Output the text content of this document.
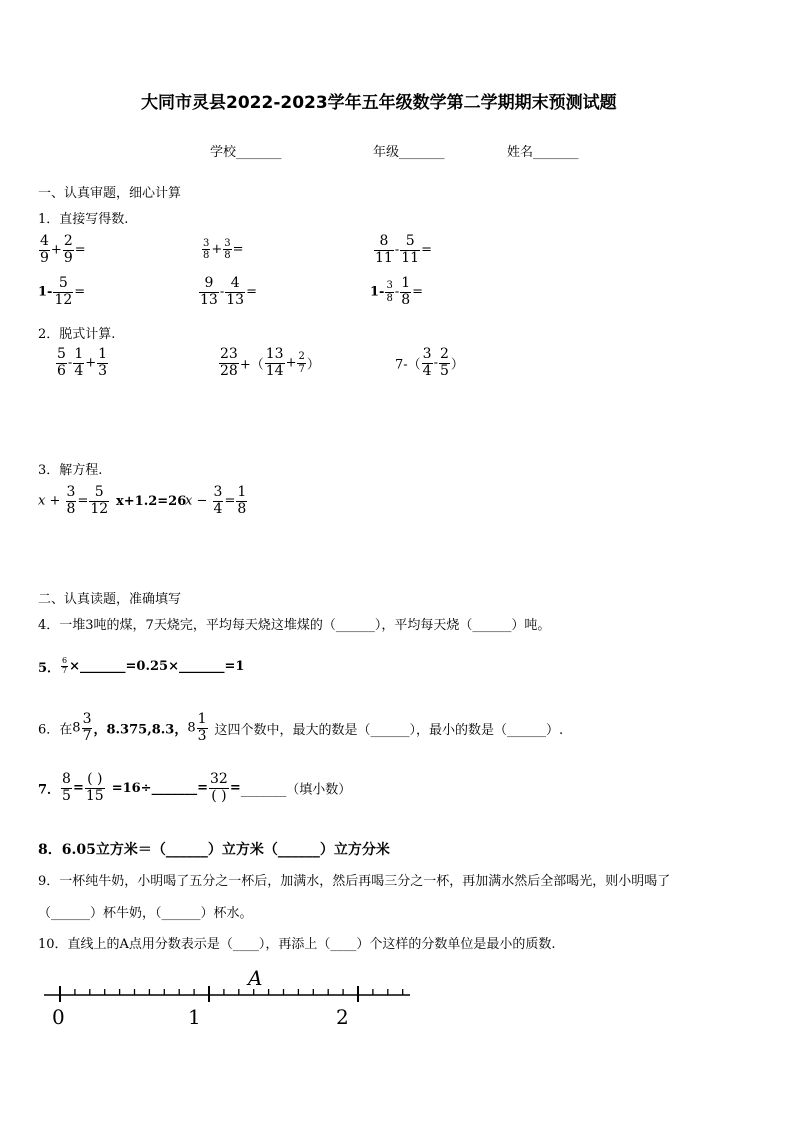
大同市灵县2022-2023学年五年级数学第二学期期末预测试题
学校_______	年级_______	姓名_______
一、认真审题，细心计算
1．直接写得数.
$\frac{4}{9} + \frac{2}{9}$ =	$\frac{3}{8} + \frac{3}{8}$ =	$\frac{8}{11} - \frac{5}{11}$ =
$1- \frac{5}{12}$ =	$\frac{9}{13} - \frac{4}{13}$ =	$1- \frac{3}{8} - \frac{1}{8}$ =
2．脱式计算.
$\frac{5}{6} - \frac{1}{4} + \frac{1}{3}$	$\frac{23}{28}$ +（ $\frac{13}{14} + \frac{2}{7}$ ）	$7-( \frac{3}{4} - \frac{2}{5}$ ）
3．解方程.
$x + \frac{3}{8} = \frac{5}{12} x+1.2=26$
$x - \frac{3}{4} = \frac{1}{8}$
二、认真读题，准确填写
4．一堆3吨的煤，7天烧完，平均每天烧这堆煤的（______），平均每天烧（______）吨。
5． $\frac{6}{7}$ ×_______=0.25×_______=1
6．在$8 \frac{3}{7}$ ，8.375,8.3，$8 \frac{1}{3}$ 这四个数中，最大的数是（______），最小的数是（______）.
7． $\frac{8}{5} = \frac{( )}{15}$ =16÷_______= $\frac{32}{( )}$ =_______（填小数）
8．6.05立方米＝（______）立方米（______）立方分米
9．一杯纯牛奶，小明喝了五分之一杯后，加满水，然后再喝三分之一杯，再加满水然后全部喝光，则小明喝了
（______）杯牛奶，（______）杯水。
10．直线上的A点用分数表示是（____），再添上（____）个这样的分数单位是最小的质数.
A
0	1	2
